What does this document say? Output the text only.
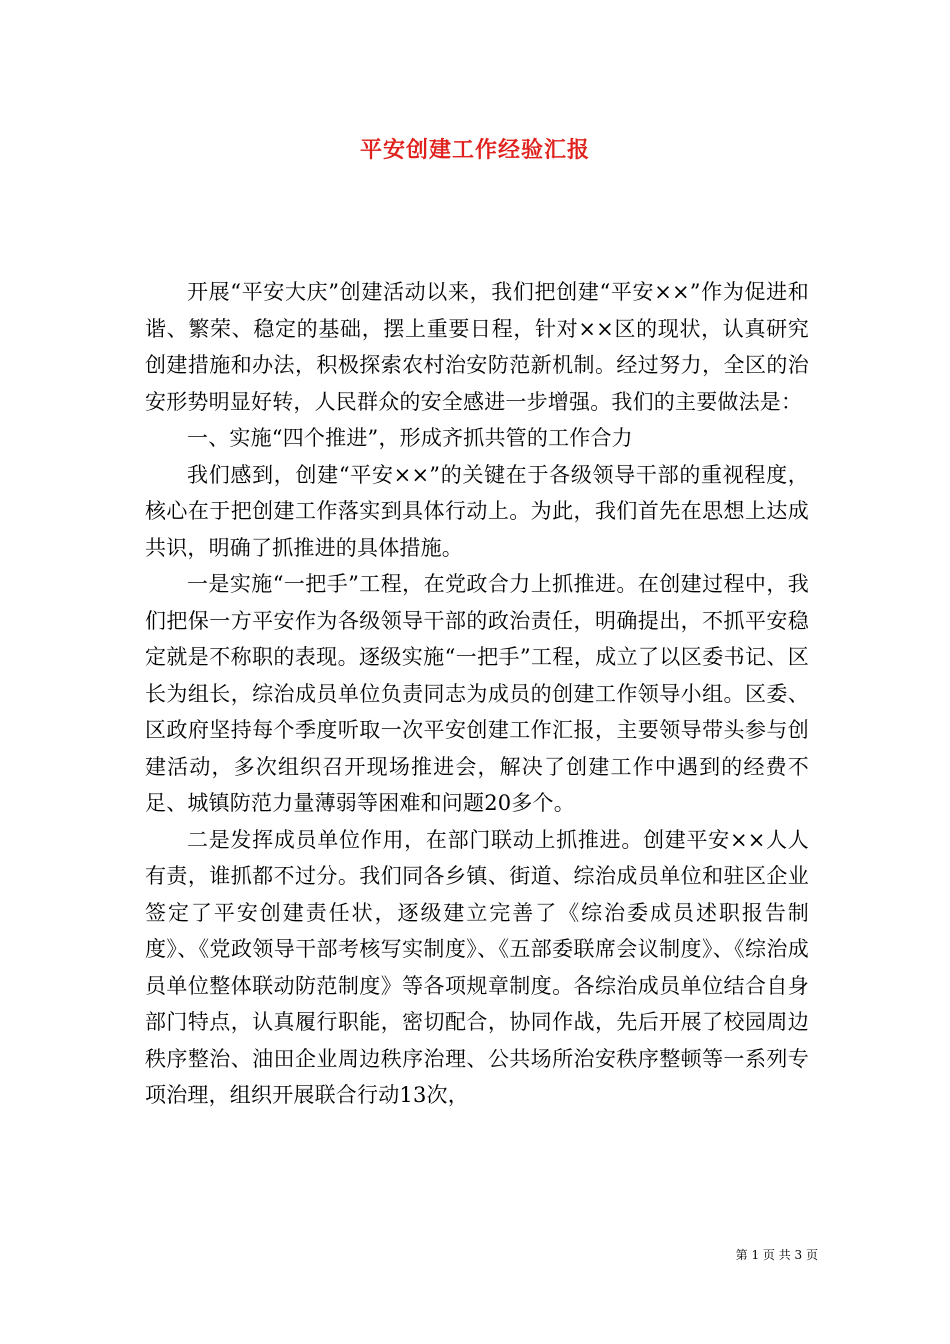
平安创建工作经验汇报

开展“平安大庆”创建活动以来，我们把创建“平安××”作为促进和谐、繁荣、稳定的基础，摆上重要日程，针对××区的现状，认真研究创建措施和办法，积极探索农村治安防范新机制。经过努力，全区的治安形势明显好转，人民群众的安全感进一步增强。我们的主要做法是：

一、实施“四个推进”，形成齐抓共管的工作合力

我们感到，创建“平安××”的关键在于各级领导干部的重视程度，核心在于把创建工作落实到具体行动上。为此，我们首先在思想上达成共识，明确了抓推进的具体措施。

一是实施“一把手”工程，在党政合力上抓推进。在创建过程中，我们把保一方平安作为各级领导干部的政治责任，明确提出，不抓平安稳定就是不称职的表现。逐级实施“一把手”工程，成立了以区委书记、区长为组长，综治成员单位负责同志为成员的创建工作领导小组。区委、区政府坚持每个季度听取一次平安创建工作汇报，主要领导带头参与创建活动，多次组织召开现场推进会，解决了创建工作中遇到的经费不足、城镇防范力量薄弱等困难和问题20多个。

二是发挥成员单位作用，在部门联动上抓推进。创建平安××人人有责，谁抓都不过分。我们同各乡镇、街道、综治成员单位和驻区企业签定了平安创建责任状，逐级建立完善了《综治委成员述职报告制度》、《党政领导干部考核写实制度》、《五部委联席会议制度》、《综治成员单位整体联动防范制度》等各项规章制度。各综治成员单位结合自身部门特点，认真履行职能，密切配合，协同作战，先后开展了校园周边秩序整治、油田企业周边秩序治理、公共场所治安秩序整顿等一系列专项治理，组织开展联合行动13次，

第 1 页 共 3 页
